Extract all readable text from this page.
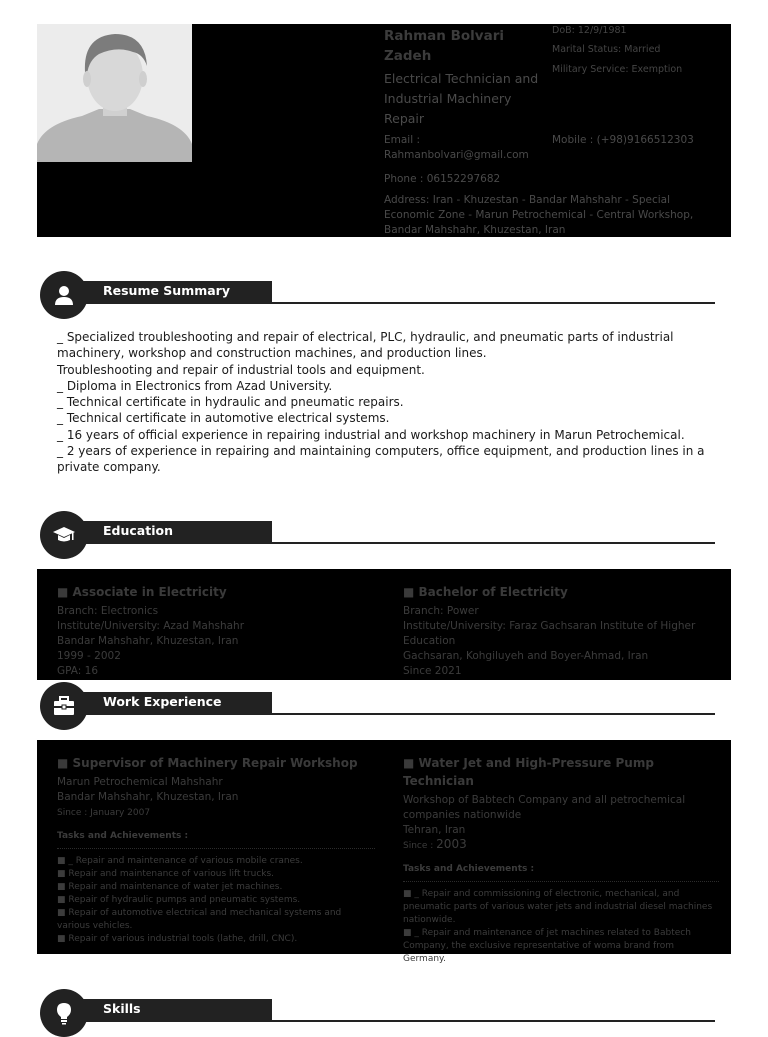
Rahman Bolvari Zadeh
Electrical Technician and Industrial Machinery Repair
Email : Rahmanbolvari@gmail.com
Phone : 06152297682
Address: Iran - Khuzestan - Bandar Mahshahr - Special Economic Zone - Marun Petrochemical - Central Workshop, Bandar Mahshahr, Khuzestan, Iran
DoB: 12/9/1981
Marital Status: Married
Military Service: Exemption
Mobile : (+98)9166512303
Resume Summary
_ Specialized troubleshooting and repair of electrical, PLC, hydraulic, and pneumatic parts of industrial machinery, workshop and construction machines, and production lines.
Troubleshooting and repair of industrial tools and equipment.
_ Diploma in Electronics from Azad University.
_ Technical certificate in hydraulic and pneumatic repairs.
_ Technical certificate in automotive electrical systems.
_ 16 years of official experience in repairing industrial and workshop machinery in Marun Petrochemical.
_ 2 years of experience in repairing and maintaining computers, office equipment, and production lines in a private company.
Education
■ Associate in Electricity
Branch: Electronics
Institute/University: Azad Mahshahr
Bandar Mahshahr, Khuzestan, Iran
1999 - 2002
GPA: 16
■ Bachelor of Electricity
Branch: Power
Institute/University: Faraz Gachsaran Institute of Higher Education
Gachsaran, Kohgiluyeh and Boyer-Ahmad, Iran
Since 2021
Work Experience
■ Supervisor of Machinery Repair Workshop
Marun Petrochemical Mahshahr
Bandar Mahshahr, Khuzestan, Iran
Since : January 2007
Tasks and Achievements :
■ _ Repair and maintenance of various mobile cranes.
■ Repair and maintenance of various lift trucks.
■ Repair and maintenance of water jet machines.
■ Repair of hydraulic pumps and pneumatic systems.
■ Repair of automotive electrical and mechanical systems and various vehicles.
■ Repair of various industrial tools (lathe, drill, CNC).
■ Water Jet and High-Pressure Pump Technician
Workshop of Babtech Company and all petrochemical companies nationwide
Tehran, Iran
Since : 2003
Tasks and Achievements :
■ _ Repair and commissioning of electronic, mechanical, and pneumatic parts of various water jets and industrial diesel machines nationwide.
■ _ Repair and maintenance of jet machines related to Babtech Company, the exclusive representative of woma brand from Germany.
Skills
